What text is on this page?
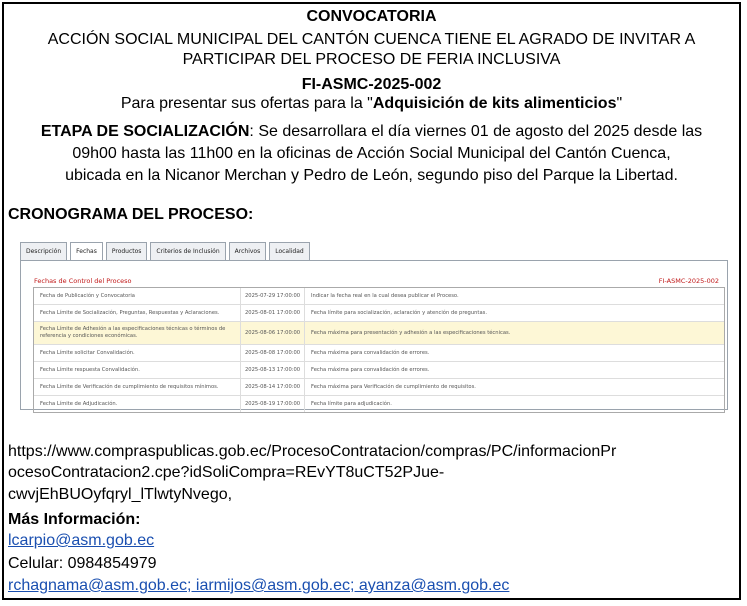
CONVOCATORIA
ACCIÓN SOCIAL MUNICIPAL DEL CANTÓN CUENCA TIENE EL AGRADO DE INVITAR A
PARTICIPAR DEL PROCESO DE FERIA INCLUSIVA
FI-ASMC-2025-002
Para presentar sus ofertas para la "Adquisición de kits alimenticios"
ETAPA DE SOCIALIZACIÓN: Se desarrollara el día viernes 01 de agosto del 2025 desde las
09h00 hasta las 11h00 en la oficinas de Acción Social Municipal del Cantón Cuenca,
ubicada en la Nicanor Merchan y Pedro de León, segundo piso del Parque la Libertad.
CRONOGRAMA DEL PROCESO:
Descripción	Fechas	Productos	Criterios de Inclusión	Archivos	Localidad
Fechas de Control del Proceso	FI-ASMC-2025-002
Fecha de Publicación y Convocatoria	2025-07-29 17:00:00	Indicar la fecha real en la cual desea publicar el Proceso.
Fecha Límite de Socialización, Preguntas, Respuestas y Aclaraciones.	2025-08-01 17:00:00	Fecha límite para socialización, aclaración y atención de preguntas.
Fecha Límite de Adhesión a las especificaciones técnicas o términos de referencia y condiciones económicas.	2025-08-06 17:00:00	Fecha máxima para presentación y adhesión a las especificaciones técnicas.
Fecha Límite solicitar Convalidación.	2025-08-08 17:00:00	Fecha máxima para convalidación de errores.
Fecha Límite respuesta Convalidación.	2025-08-13 17:00:00	Fecha máxima para convalidación de errores.
Fecha Límite de Verificación de cumplimiento de requisitos mínimos.	2025-08-14 17:00:00	Fecha máxima para Verificación de cumplimiento de requisitos.
Fecha Límite de Adjudicación.	2025-08-19 17:00:00	Fecha límite para adjudicación.
https://www.compraspublicas.gob.ec/ProcesoContratacion/compras/PC/informacionPr
ocesoContratacion2.cpe?idSoliCompra=REvYT8uCT52PJue-
cwvjEhBUOyfqryl_lTlwtyNvego,
Más Información:
lcarpio@asm.gob.ec
Celular: 0984854979
rchagnama@asm.gob.ec; iarmijos@asm.gob.ec; ayanza@asm.gob.ec
